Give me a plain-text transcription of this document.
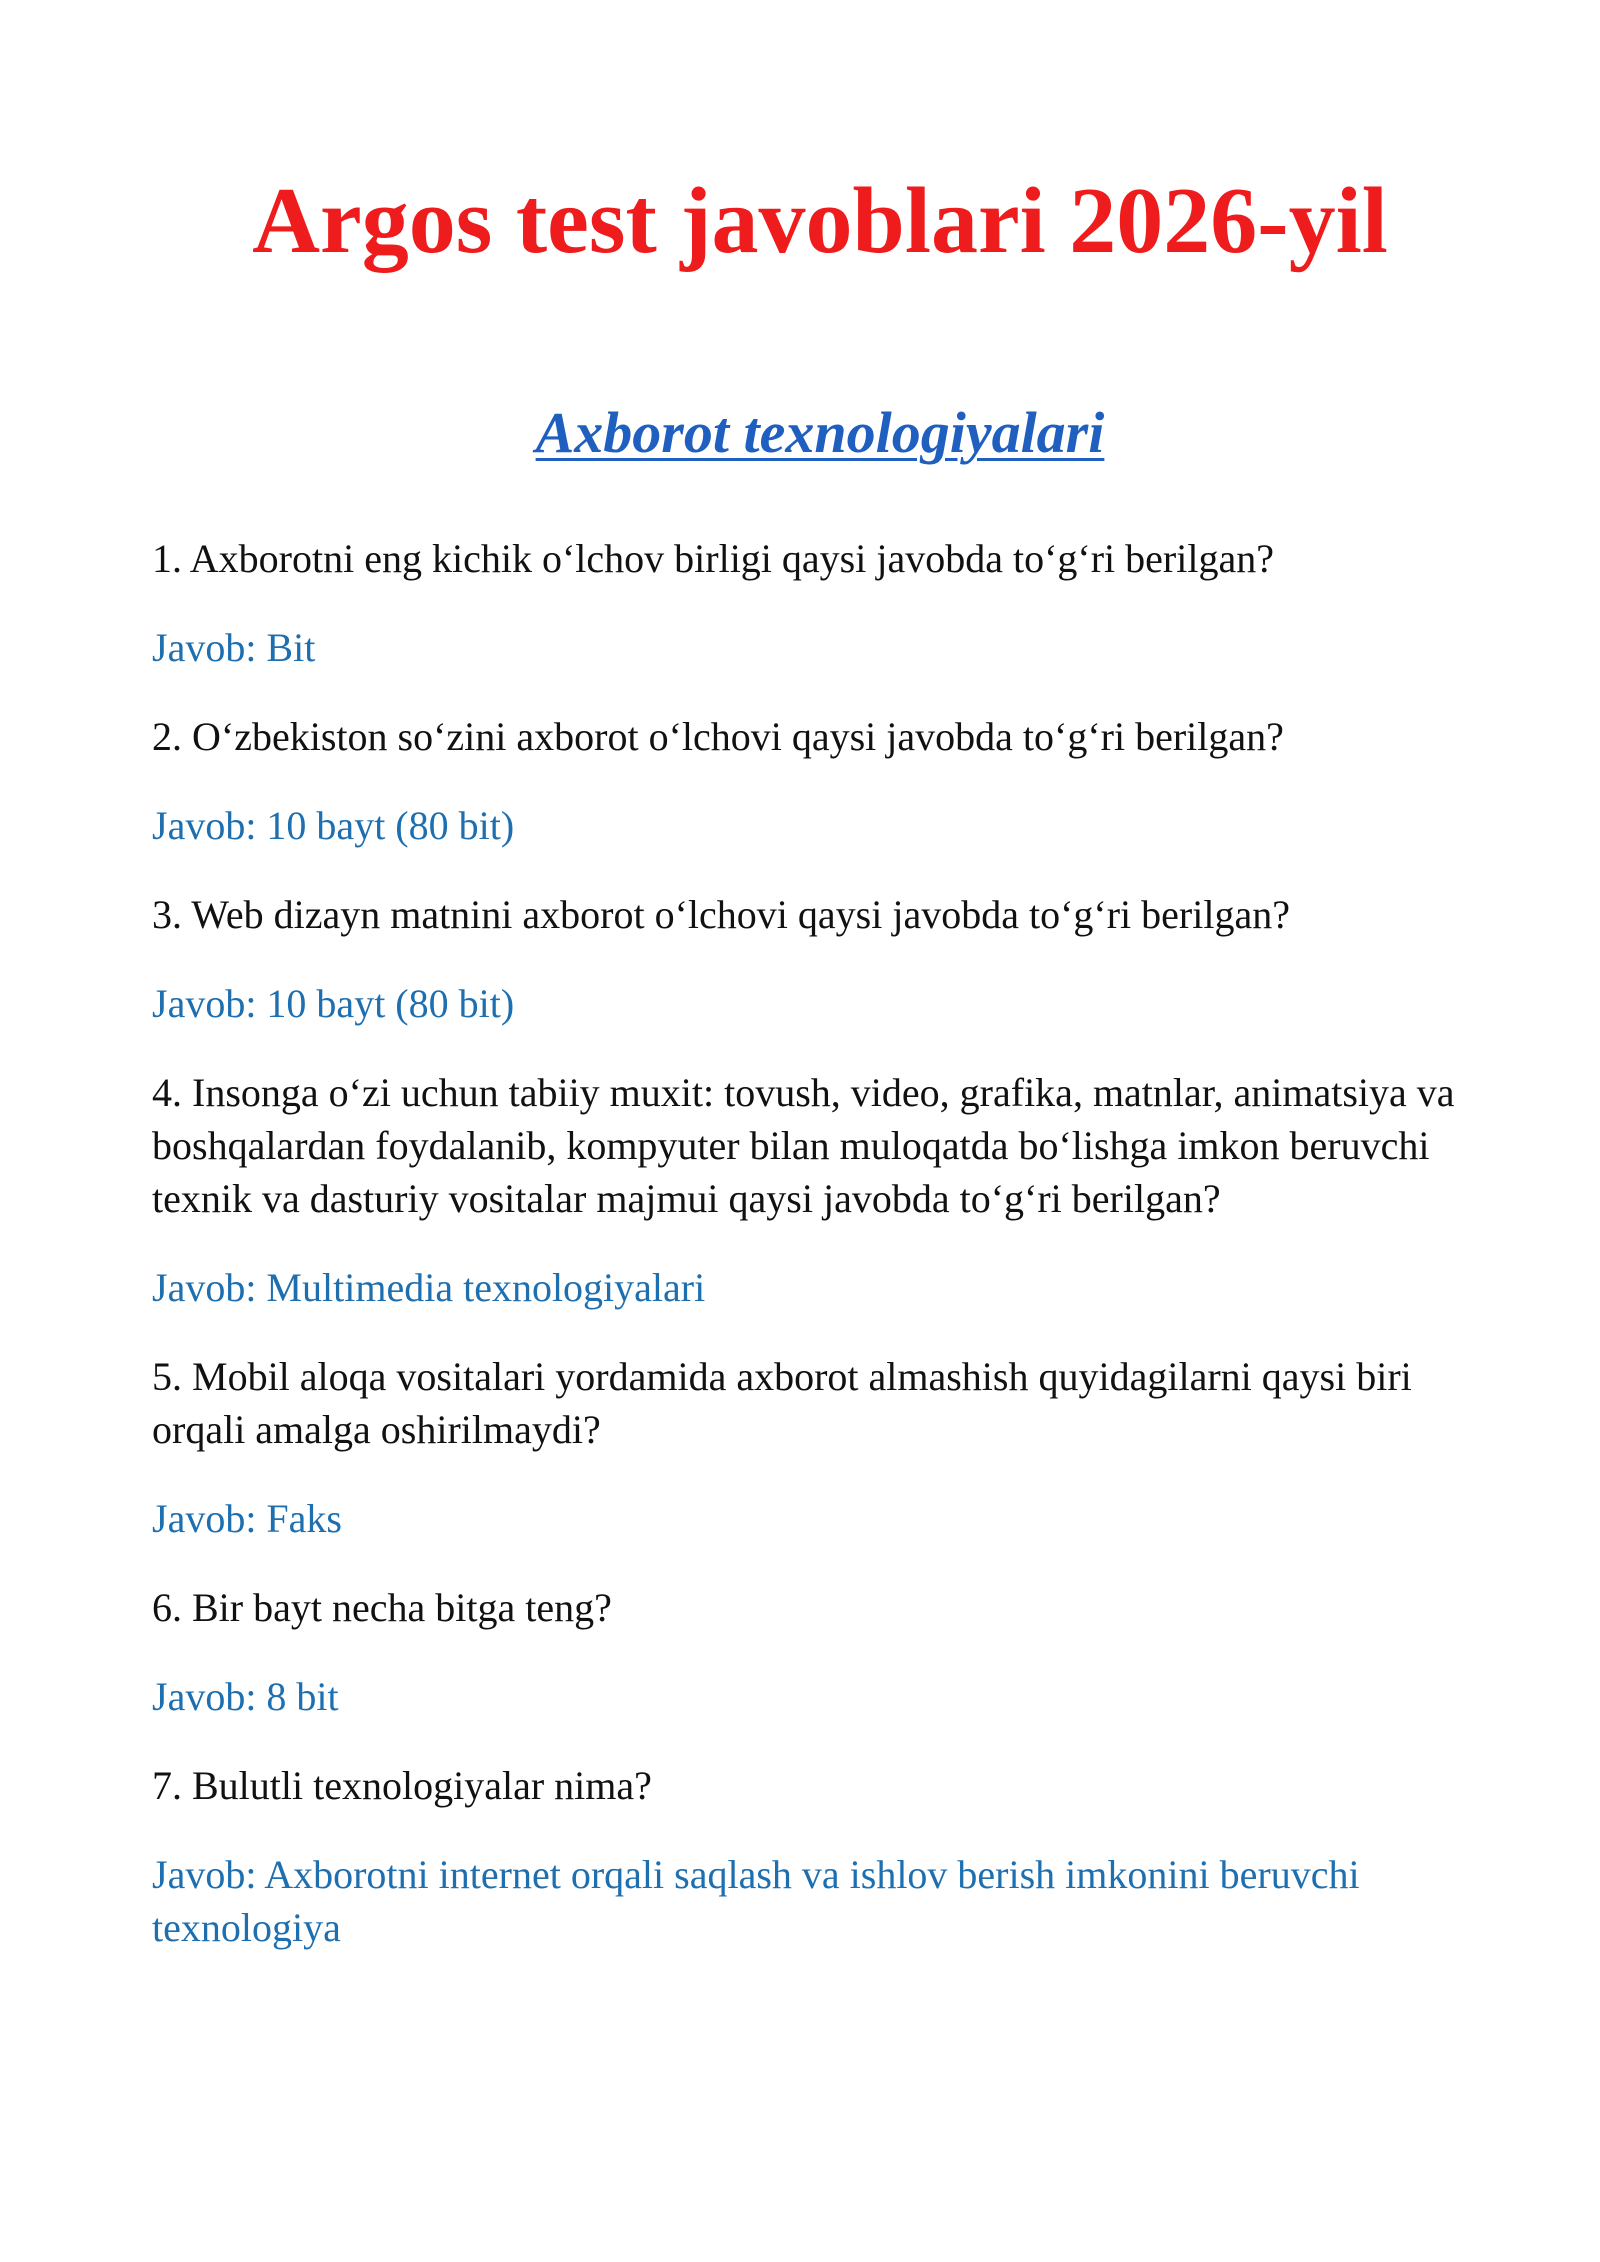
Argos test javoblari 2026-yil
Axborot texnologiyalari

1. Axborotni eng kichik o‘lchov birligi qaysi javobda to‘g‘ri berilgan?

Javob: Bit

2. O‘zbekiston so‘zini axborot o‘lchovi qaysi javobda to‘g‘ri berilgan?

Javob: 10 bayt (80 bit)

3. Web dizayn matnini axborot o‘lchovi qaysi javobda to‘g‘ri berilgan?

Javob: 10 bayt (80 bit)

4. Insonga o‘zi uchun tabiiy muxit: tovush, video, grafika, matnlar, animatsiya va boshqalardan foydalanib, kompyuter bilan muloqatda bo‘lishga imkon beruvchi texnik va dasturiy vositalar majmui qaysi javobda to‘g‘ri berilgan?

Javob: Multimedia texnologiyalari

5. Mobil aloqa vositalari yordamida axborot almashish quyidagilarni qaysi biri orqali amalga oshirilmaydi?

Javob: Faks

6. Bir bayt necha bitga teng?

Javob: 8 bit

7. Bulutli texnologiyalar nima?

Javob: Axborotni internet orqali saqlash va ishlov berish imkonini beruvchi texnologiya
